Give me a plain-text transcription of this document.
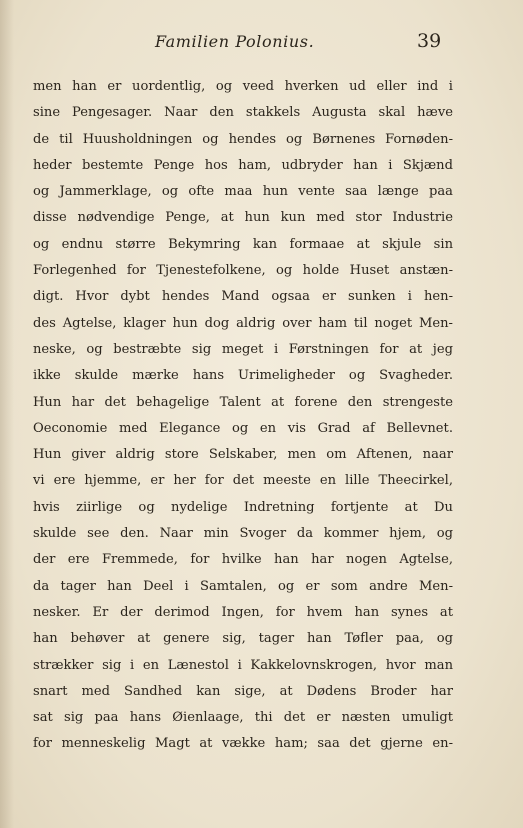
Familien Polonius.	39
men han er uordentlig, og veed hverken ud eller ind i
sine Pengesager. Naar den stakkels Augusta skal hæve
de til Huusholdningen og hendes og Børnenes Fornøden-
heder bestemte Penge hos ham, udbryder han i Skjænd
og Jammerklage, og ofte maa hun vente saa længe paa
disse nødvendige Penge, at hun kun med stor Industrie
og endnu større Bekymring kan formaae at skjule sin
Forlegenhed for Tjenestefolkene, og holde Huset anstæn-
digt. Hvor dybt hendes Mand ogsaa er sunken i hen-
des Agtelse, klager hun dog aldrig over ham til noget Men-
neske, og bestræbte sig meget i Førstningen for at jeg
ikke skulde mærke hans Urimeligheder og Svagheder.
Hun har det behagelige Talent at forene den strengeste
Oeconomie med Elegance og en vis Grad af Bellevnet.
Hun giver aldrig store Selskaber, men om Aftenen, naar
vi ere hjemme, er her for det meeste en lille Theecirkel,
hvis ziirlige og nydelige Indretning fortjente at Du
skulde see den. Naar min Svoger da kommer hjem, og
der ere Fremmede, for hvilke han har nogen Agtelse,
da tager han Deel i Samtalen, og er som andre Men-
nesker. Er der derimod Ingen, for hvem han synes at
han behøver at genere sig, tager han Tøfler paa, og
strækker sig i en Lænestol i Kakkelovnskrogen, hvor man
snart med Sandhed kan sige, at Dødens Broder har
sat sig paa hans Øienlaage, thi det er næsten umuligt
for menneskelig Magt at vække ham; saa det gjerne en-
